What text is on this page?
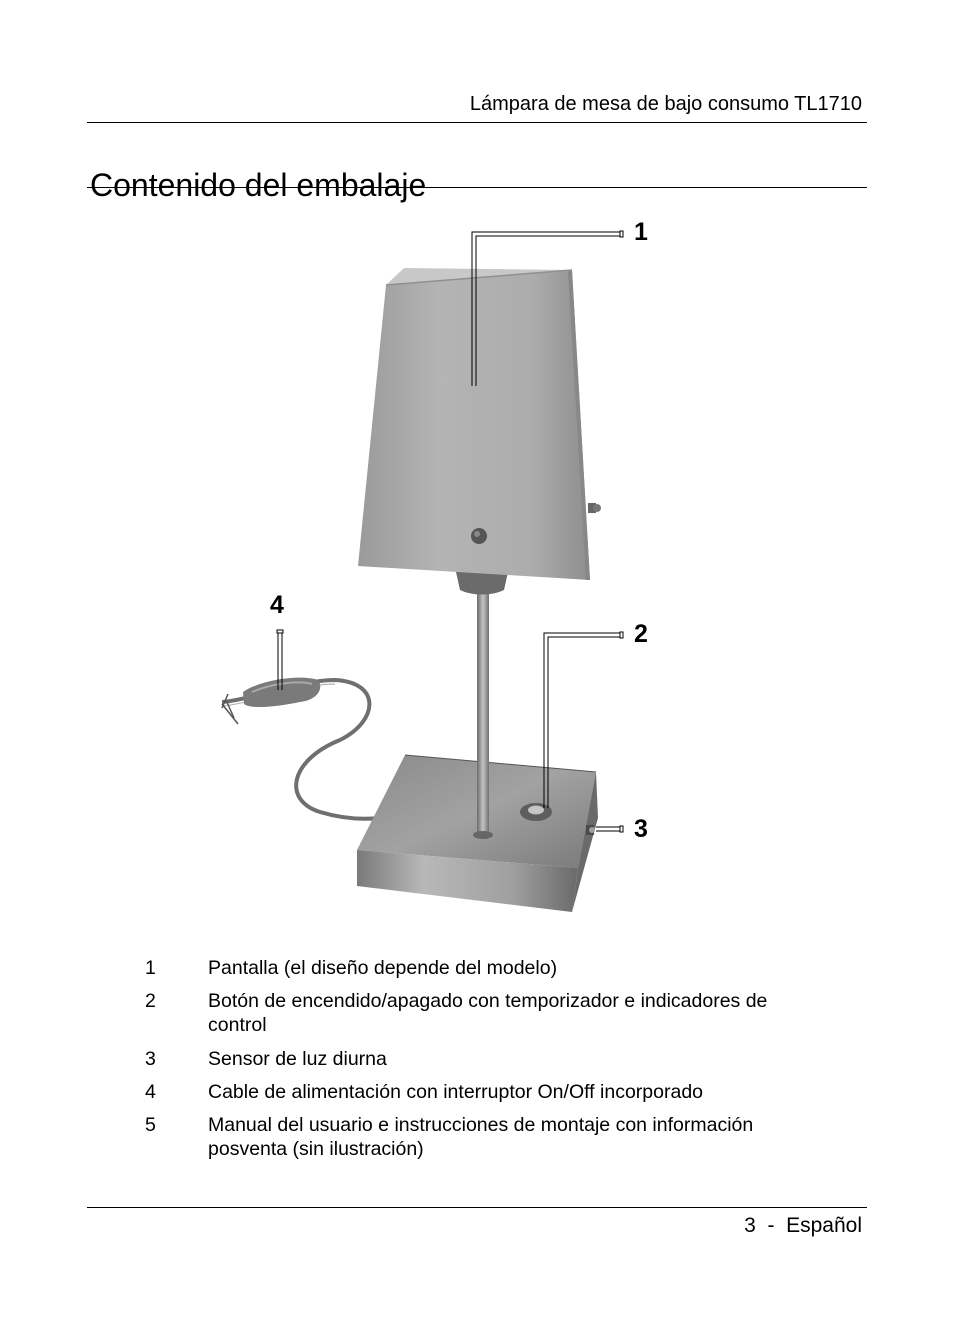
Lámpara de mesa de bajo consumo TL1710
Contenido del embalaje
1
2
3
4
1	Pantalla (el diseño depende del modelo)
2	Botón de encendido/apagado con temporizador e indicadores de control
3	Sensor de luz diurna
4	Cable de alimentación con interruptor On/Off incorporado
5	Manual del usuario e instrucciones de montaje con información posventa (sin ilustración)
3 - Español
